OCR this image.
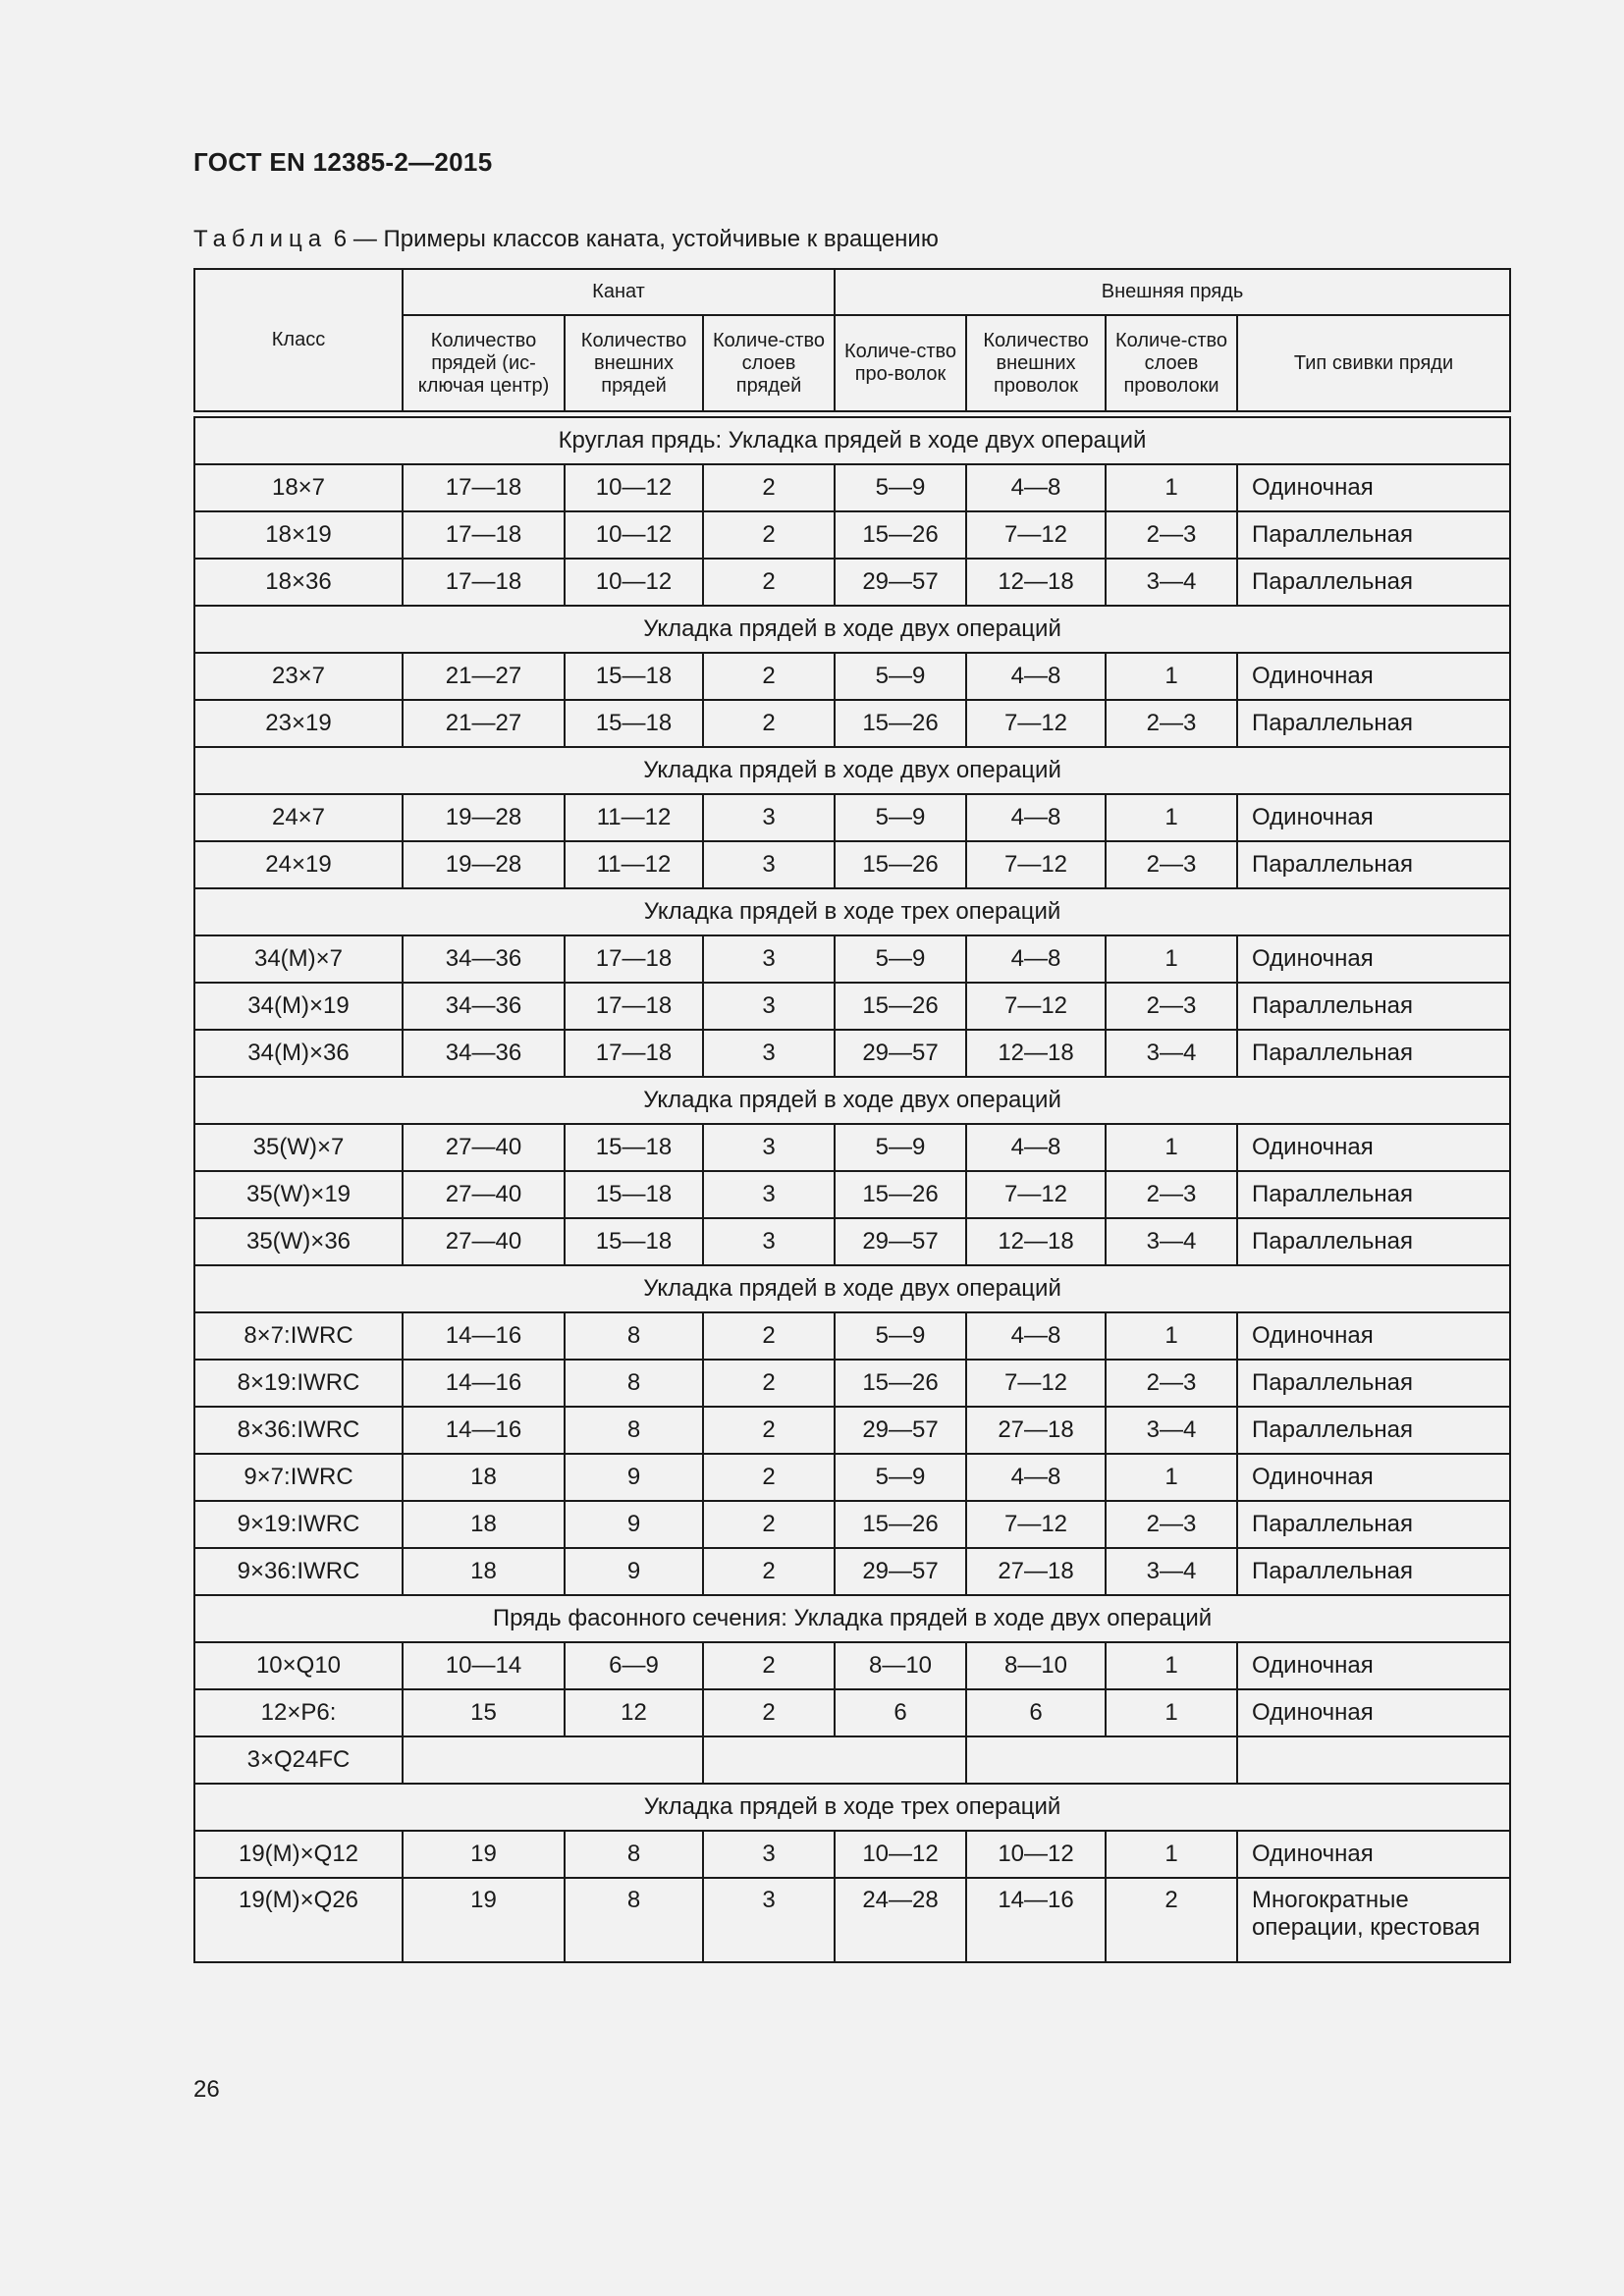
ГОСТ EN 12385-2—2015
Таблица 6 — Примеры классов каната, устойчивые к вращению
Класс	Канат			Внешняя прядь			
	Количество прядей (ис-ключая центр)	Количество внешних прядей	Количе-ство слоев прядей	Количе-ство про-волок	Количество внешних проволок	Количе-ство слоев проволоки	Тип свивки пряди

Круглая прядь: Укладка прядей в ходе двух операций							
18×7	17—18	10—12	2	5—9	4—8	1	Одиночная
18×19	17—18	10—12	2	15—26	7—12	2—3	Параллельная
18×36	17—18	10—12	2	29—57	12—18	3—4	Параллельная
Укладка прядей в ходе двух операций							
23×7	21—27	15—18	2	5—9	4—8	1	Одиночная
23×19	21—27	15—18	2	15—26	7—12	2—3	Параллельная
Укладка прядей в ходе двух операций							
24×7	19—28	11—12	3	5—9	4—8	1	Одиночная
24×19	19—28	11—12	3	15—26	7—12	2—3	Параллельная
Укладка прядей в ходе трех операций							
34(M)×7	34—36	17—18	3	5—9	4—8	1	Одиночная
34(M)×19	34—36	17—18	3	15—26	7—12	2—3	Параллельная
34(M)×36	34—36	17—18	3	29—57	12—18	3—4	Параллельная
Укладка прядей в ходе двух операций							
35(W)×7	27—40	15—18	3	5—9	4—8	1	Одиночная
35(W)×19	27—40	15—18	3	15—26	7—12	2—3	Параллельная
35(W)×36	27—40	15—18	3	29—57	12—18	3—4	Параллельная
Укладка прядей в ходе двух операций							
8×7:IWRC	14—16	8	2	5—9	4—8	1	Одиночная
8×19:IWRC	14—16	8	2	15—26	7—12	2—3	Параллельная
8×36:IWRC	14—16	8	2	29—57	27—18	3—4	Параллельная
9×7:IWRC	18	9	2	5—9	4—8	1	Одиночная
9×19:IWRC	18	9	2	15—26	7—12	2—3	Параллельная
9×36:IWRC	18	9	2	29—57	27—18	3—4	Параллельная
Прядь фасонного сечения: Укладка прядей в ходе двух операций							
10×Q10	10—14	6—9	2	8—10	8—10	1	Одиночная
12×P6:	15	12	2	6	6	1	Одиночная
3×Q24FC							
Укладка прядей в ходе трех операций							
19(M)×Q12	19	8	3	10—12	10—12	1	Одиночная
19(M)×Q26	19	8	3	24—28	14—16	2	Многократные операции, крестовая
26
